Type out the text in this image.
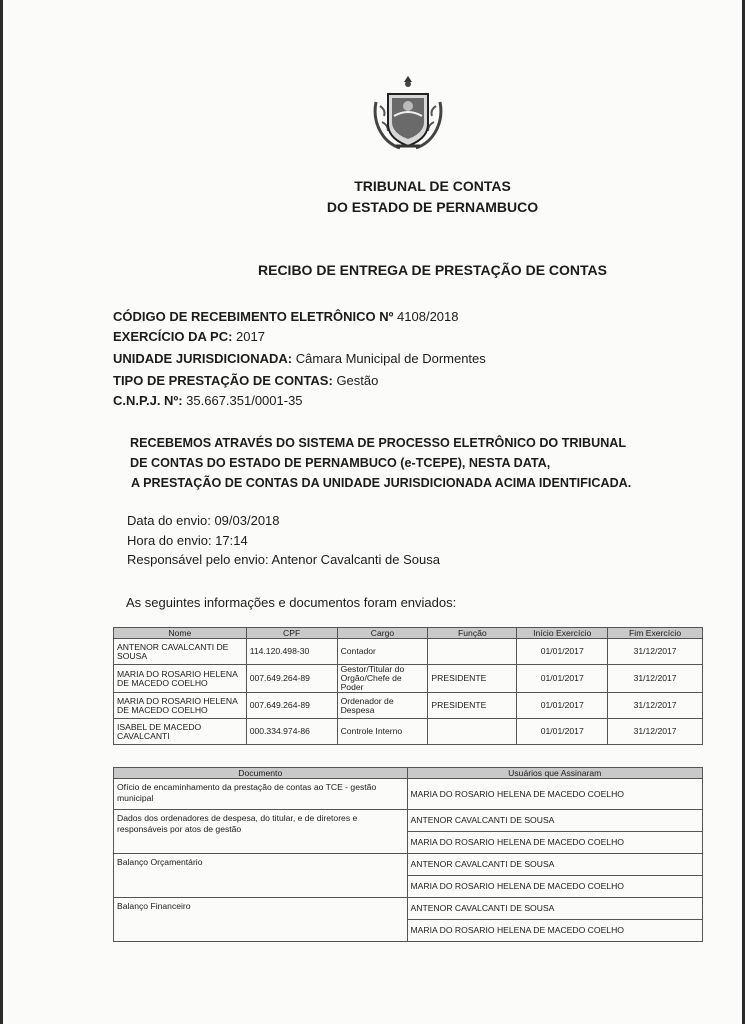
TRIBUNAL DE CONTAS
DO ESTADO DE PERNAMBUCO
RECIBO DE ENTREGA DE PRESTAÇÃO DE CONTAS
CÓDIGO DE RECEBIMENTO ELETRÔNICO Nº 4108/2018
EXERCÍCIO DA PC: 2017
UNIDADE JURISDICIONADA: Câmara Municipal de Dormentes
TIPO DE PRESTAÇÃO DE CONTAS: Gestão
C.N.P.J. Nº: 35.667.351/0001-35
RECEBEMOS ATRAVÉS DO SISTEMA DE PROCESSO ELETRÔNICO DO TRIBUNAL
DE CONTAS DO ESTADO DE PERNAMBUCO (e-TCEPE), NESTA DATA,
A PRESTAÇÃO DE CONTAS DA UNIDADE JURISDICIONADA ACIMA IDENTIFICADA.
Data do envio: 09/03/2018
Hora do envio: 17:14
Responsável pelo envio: Antenor Cavalcanti de Sousa
As seguintes informações e documentos foram enviados:
Nome	CPF	Cargo	Função	Início Exercício	Fim Exercício
ANTENOR CAVALCANTI DE SOUSA	114.120.498-30	Contador		01/01/2017	31/12/2017
MARIA DO ROSARIO HELENA DE MACEDO COELHO	007.649.264-89	Gestor/Titular do Orgão/Chefe de Poder	PRESIDENTE	01/01/2017	31/12/2017
MARIA DO ROSARIO HELENA DE MACEDO COELHO	007.649.264-89	Ordenador de Despesa	PRESIDENTE	01/01/2017	31/12/2017
ISABEL DE MACEDO CAVALCANTI	000.334.974-86	Controle Interno		01/01/2017	31/12/2017
Documento	Usuários que Assinaram
Ofício de encaminhamento da prestação de contas ao TCE - gestão municipal	MARIA DO ROSARIO HELENA DE MACEDO COELHO

Dados dos ordenadores de despesa, do titular, e de diretores e responsáveis por atos de gestão	ANTENOR CAVALCANTI DE SOUSA
MARIA DO ROSARIO HELENA DE MACEDO COELHO

Balanço Orçamentário	ANTENOR CAVALCANTI DE SOUSA
MARIA DO ROSARIO HELENA DE MACEDO COELHO

Balanço Financeiro	ANTENOR CAVALCANTI DE SOUSA
MARIA DO ROSARIO HELENA DE MACEDO COELHO
